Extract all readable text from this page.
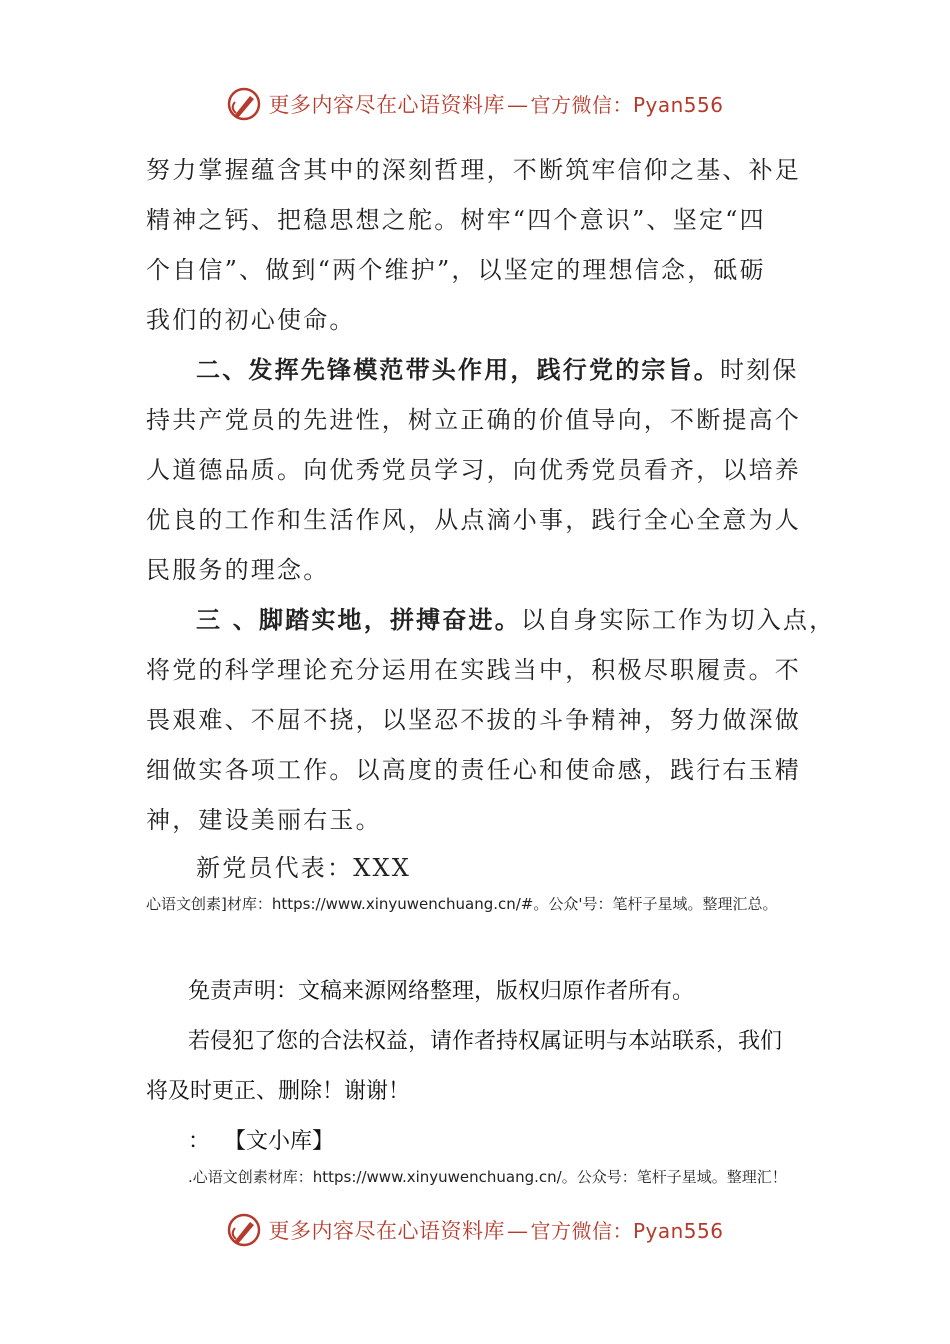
更多内容尽在心语资料库— 官方微信：Pyan556
努力掌握蕴含其中的深刻哲理，不断筑牢信仰之基、补足
精神之钙、把稳思想之舵。树牢“四个意识”、坚定“四
个自信”、做到“两个维护”，以坚定的理想信念，砥砺
我们的初心使命。
二、发挥先锋模范带头作用，践行党的宗旨。时刻保
持共产党员的先进性，树立正确的价值导向，不断提高个
人道德品质。向优秀党员学习，向优秀党员看齐，以培养
优良的工作和生活作风，从点滴小事，践行全心全意为人
民服务的理念。
三 、脚踏实地，拼搏奋进。以自身实际工作为切入点，
将党的科学理论充分运用在实践当中，积极尽职履责。不
畏艰难、不屈不挠，以坚忍不拔的斗争精神，努力做深做
细做实各项工作。以高度的责任心和使命感，践行右玉精
神，建设美丽右玉。
新党员代表：XXX
心语文创素]材库：https://www.xinyuwenchuang.cn/#。公众'号：笔杆子星域。整理汇总。
免责声明：文稿来源网络整理，版权归原作者所有。
若侵犯了您的合法权益，请作者持权属证明与本站联系，我们
将及时更正、删除！谢谢！
： 【文小库】
.心语文创素材库：https://www.xinyuwenchuang.cn/。公众号：笔杆子星域。整理汇！
更多内容尽在心语资料库— 官方微信：Pyan556
